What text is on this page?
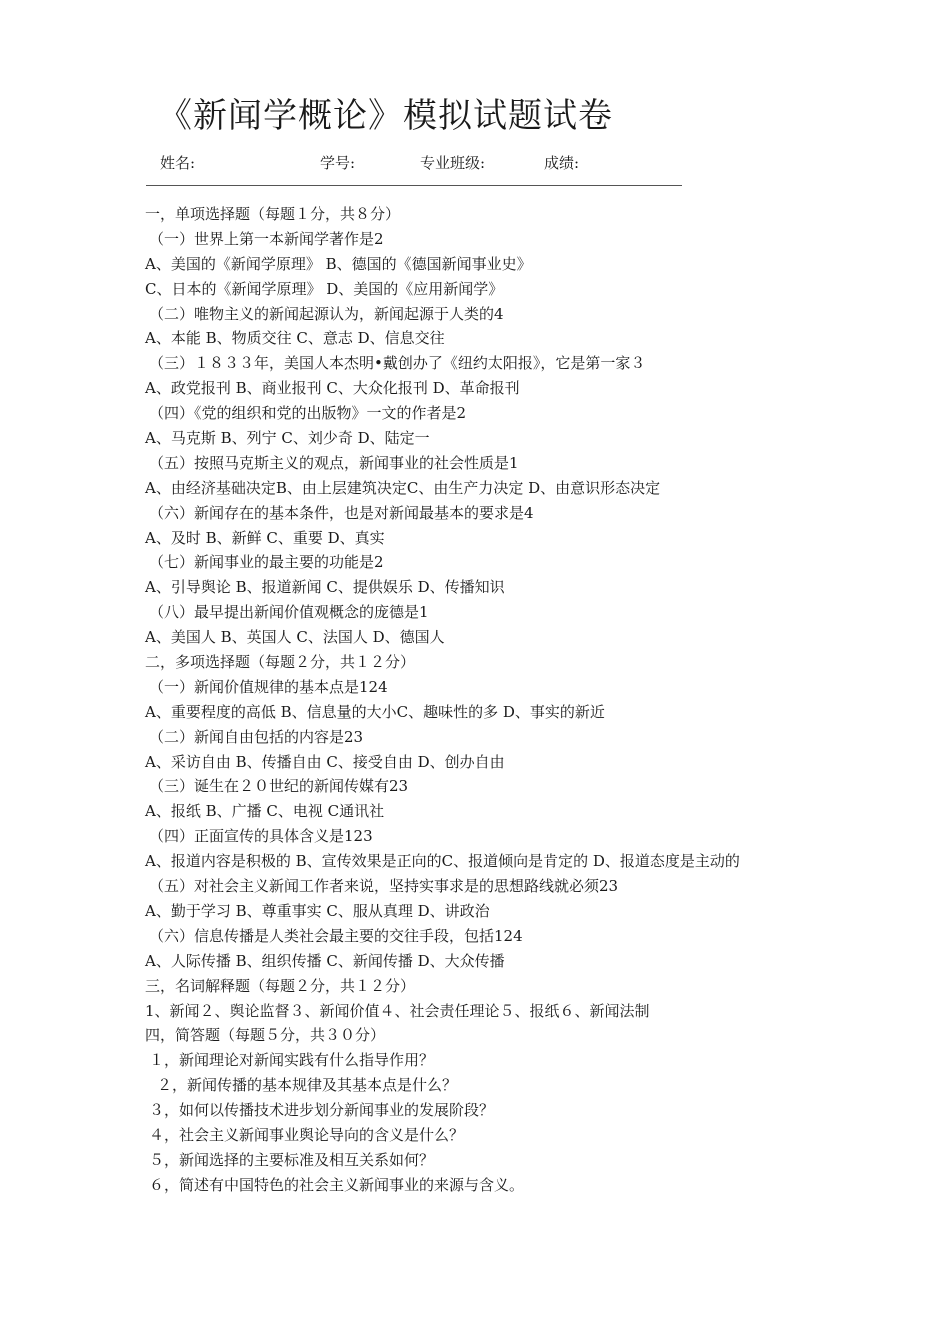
《新闻学概论》模拟试题试卷
姓名:	学号:	专业班级:	成绩:
一，单项选择题（每题１分，共８分）
（一）世界上第一本新闻学著作是2
A、美国的《新闻学原理》 B、德国的《德国新闻事业史》
C、日本的《新闻学原理》 D、美国的《应用新闻学》
（二）唯物主义的新闻起源认为，新闻起源于人类的4
A、本能 B、物质交往 C、意志 D、信息交往
（三）１８３３年，美国人本杰明•戴创办了《纽约太阳报》，它是第一家３
A、政党报刊 B、商业报刊 C、大众化报刊 D、革命报刊
（四）《党的组织和党的出版物》一文的作者是2
A、马克斯 B、列宁 C、刘少奇 D、陆定一
（五）按照马克斯主义的观点，新闻事业的社会性质是1
A、由经济基础决定B、由上层建筑决定C、由生产力决定 D、由意识形态决定
（六）新闻存在的基本条件，也是对新闻最基本的要求是4
A、及时 B、新鲜 C、重要 D、真实
（七）新闻事业的最主要的功能是2
A、引导舆论 B、报道新闻 C、提供娱乐 D、传播知识
（八）最早提出新闻价值观概念的庞德是1
A、美国人 B、英国人 C、法国人 D、德国人
二，多项选择题（每题２分，共１２分）
（一）新闻价值规律的基本点是124
A、重要程度的高低 B、信息量的大小C、趣味性的多 D、事实的新近
（二）新闻自由包括的内容是23
A、采访自由 B、传播自由 C、接受自由 D、创办自由
（三）诞生在２０世纪的新闻传媒有23
A、报纸 B、广播 C、电视 C通讯社
（四）正面宣传的具体含义是123
A、报道内容是积极的 B、宣传效果是正向的C、报道倾向是肯定的 D、报道态度是主动的
（五）对社会主义新闻工作者来说，坚持实事求是的思想路线就必须23
A、勤于学习 B、尊重事实 C、服从真理 D、讲政治
（六）信息传播是人类社会最主要的交往手段，包括124
A、人际传播 B、组织传播 C、新闻传播 D、大众传播
三，名词解释题（每题２分，共１２分）
1、新闻２、舆论监督３、新闻价值４、社会责任理论５、报纸６、新闻法制
四，简答题（每题５分，共３０分）
１，新闻理论对新闻实践有什么指导作用？
２，新闻传播的基本规律及其基本点是什么？
３，如何以传播技术进步划分新闻事业的发展阶段？
４，社会主义新闻事业舆论导向的含义是什么？
５，新闻选择的主要标准及相互关系如何？
６，简述有中国特色的社会主义新闻事业的来源与含义。
